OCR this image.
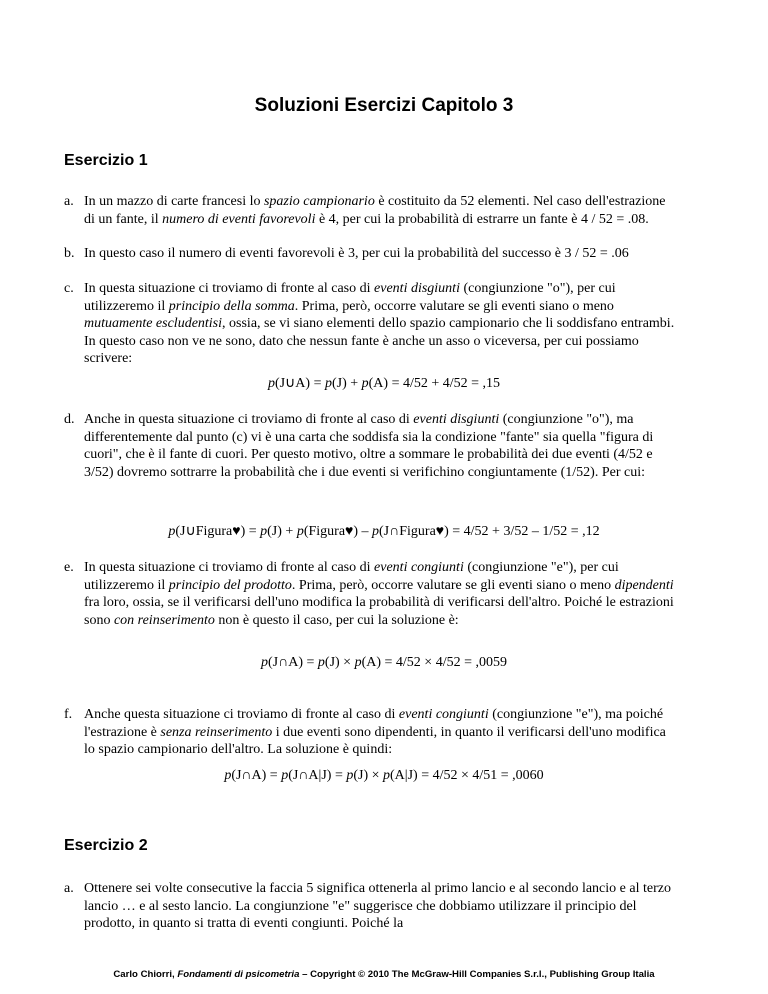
Soluzioni Esercizi Capitolo 3
Esercizio 1
a. In un mazzo di carte francesi lo spazio campionario è costituito da 52 elementi. Nel caso dell'estrazione di un fante, il numero di eventi favorevoli è 4, per cui la probabilità di estrarre un fante è 4 / 52 = .08.
b. In questo caso il numero di eventi favorevoli è 3, per cui la probabilità del successo è 3 / 52 = .06
c. In questa situazione ci troviamo di fronte al caso di eventi disgiunti (congiunzione "o"), per cui utilizzeremo il principio della somma. Prima, però, occorre valutare se gli eventi siano o meno mutuamente escludentisi, ossia, se vi siano elementi dello spazio campionario che li soddisfano entrambi. In questo caso non ve ne sono, dato che nessun fante è anche un asso o viceversa, per cui possiamo scrivere:
p(J∪A) = p(J) + p(A) = 4/52 + 4/52 = ,15
d. Anche in questa situazione ci troviamo di fronte al caso di eventi disgiunti (congiunzione "o"), ma differentemente dal punto (c) vi è una carta che soddisfa sia la condizione "fante" sia quella "figura di cuori", che è il fante di cuori. Per questo motivo, oltre a sommare le probabilità dei due eventi (4/52 e 3/52) dovremo sottrarre la probabilità che i due eventi si verifichino congiuntamente (1/52). Per cui:
p(J∪Figura♥) = p(J) + p(Figura♥) – p(J∩Figura♥) = 4/52 + 3/52 – 1/52 = ,12
e. In questa situazione ci troviamo di fronte al caso di eventi congiunti (congiunzione "e"), per cui utilizzeremo il principio del prodotto. Prima, però, occorre valutare se gli eventi siano o meno dipendenti fra loro, ossia, se il verificarsi dell'uno modifica la probabilità di verificarsi dell'altro. Poiché le estrazioni sono con reinserimento non è questo il caso, per cui la soluzione è:
p(J∩A) = p(J) × p(A) = 4/52 × 4/52 = ,0059
f. Anche questa situazione ci troviamo di fronte al caso di eventi congiunti (congiunzione "e"), ma poiché l'estrazione è senza reinserimento i due eventi sono dipendenti, in quanto il verificarsi dell'uno modifica lo spazio campionario dell'altro. La soluzione è quindi:
p(J∩A) = p(J∩A|J) = p(J) × p(A|J) = 4/52 × 4/51 = ,0060
Esercizio 2
a. Ottenere sei volte consecutive la faccia 5 significa ottenerla al primo lancio e al secondo lancio e al terzo lancio … e al sesto lancio. La congiunzione "e" suggerisce che dobbiamo utilizzare il principio del prodotto, in quanto si tratta di eventi congiunti. Poiché la
Carlo Chiorri, Fondamenti di psicometria – Copyright © 2010 The McGraw-Hill Companies S.r.l., Publishing Group Italia
